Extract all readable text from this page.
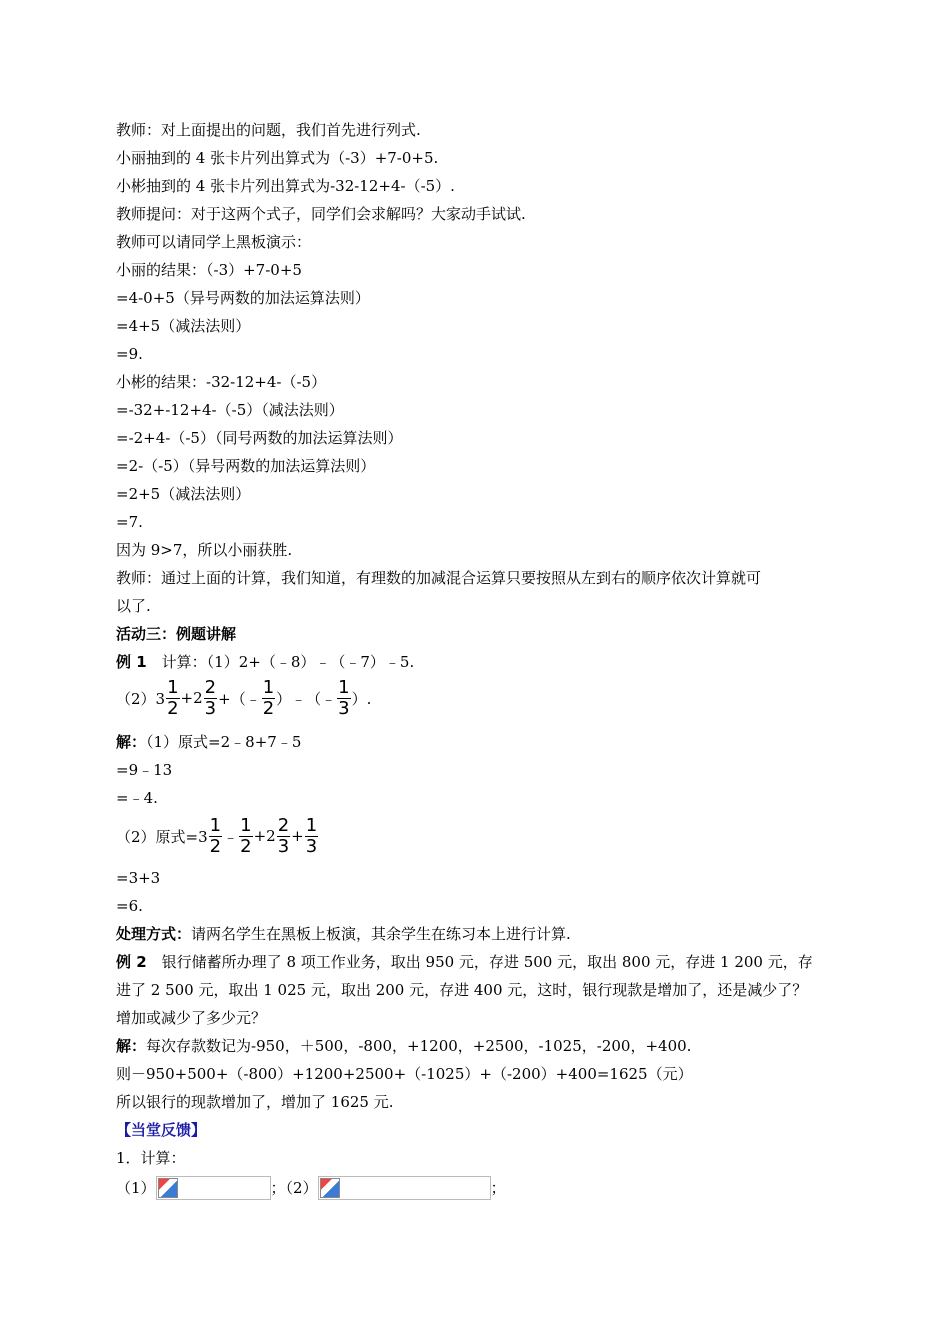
教师：对上面提出的问题，我们首先进行列式.
小丽抽到的 4 张卡片列出算式为（-3）+7-0+5.
小彬抽到的 4 张卡片列出算式为-32-12+4-（-5）.
教师提问：对于这两个式子，同学们会求解吗？大家动手试试.
教师可以请同学上黑板演示：
小丽的结果：（-3）+7-0+5
=4-0+5（异号两数的加法运算法则）
=4+5（减法法则）
=9.
小彬的结果：-32-12+4-（-5）
=-32+-12+4-（-5）（减法法则）
=-2+4-（-5）（同号两数的加法运算法则）
=2-（-5）（异号两数的加法运算法则）
=2+5（减法法则）
=7.
因为 9>7，所以小丽获胜.
教师：通过上面的计算，我们知道，有理数的加减混合运算只要按照从左到右的顺序依次计算就可
以了.
活动三：例题讲解
例 1　计算：（1）2+（﹣8）﹣（﹣7）﹣5.
$(2)3 \frac{1}{2} +2 \frac{2}{3}$ +（﹣ $\frac{1}{2}$ ）﹣（﹣ $\frac{1}{3}$ ）.
解：（1）原式=2﹣8+7﹣5
=9﹣13
=﹣4.
（2）原式$=3 \frac{1}{2}$ ﹣ $\frac{1}{2} +2 \frac{2}{3} + \frac{1}{3}$
=3+3
=6.
处理方式：请两名学生在黑板上板演，其余学生在练习本上进行计算.
例 2　银行储蓄所办理了 8 项工作业务，取出 950 元，存进 500 元，取出 800 元，存进 1 200 元，存
进了 2 500 元，取出 1 025 元，取出 200 元，存进 400 元，这时，银行现款是增加了，还是减少了？
增加或减少了多少元？
解：每次存款数记为-950，＋500，-800，+1200，+2500，-1025，-200，+400.
则－950+500+（-800）+1200+2500+（-1025）+（-200）+400=1625（元）
所以银行的现款增加了，增加了 1625 元.
【当堂反馈】
1．计算：
（1）	；（2）	；
